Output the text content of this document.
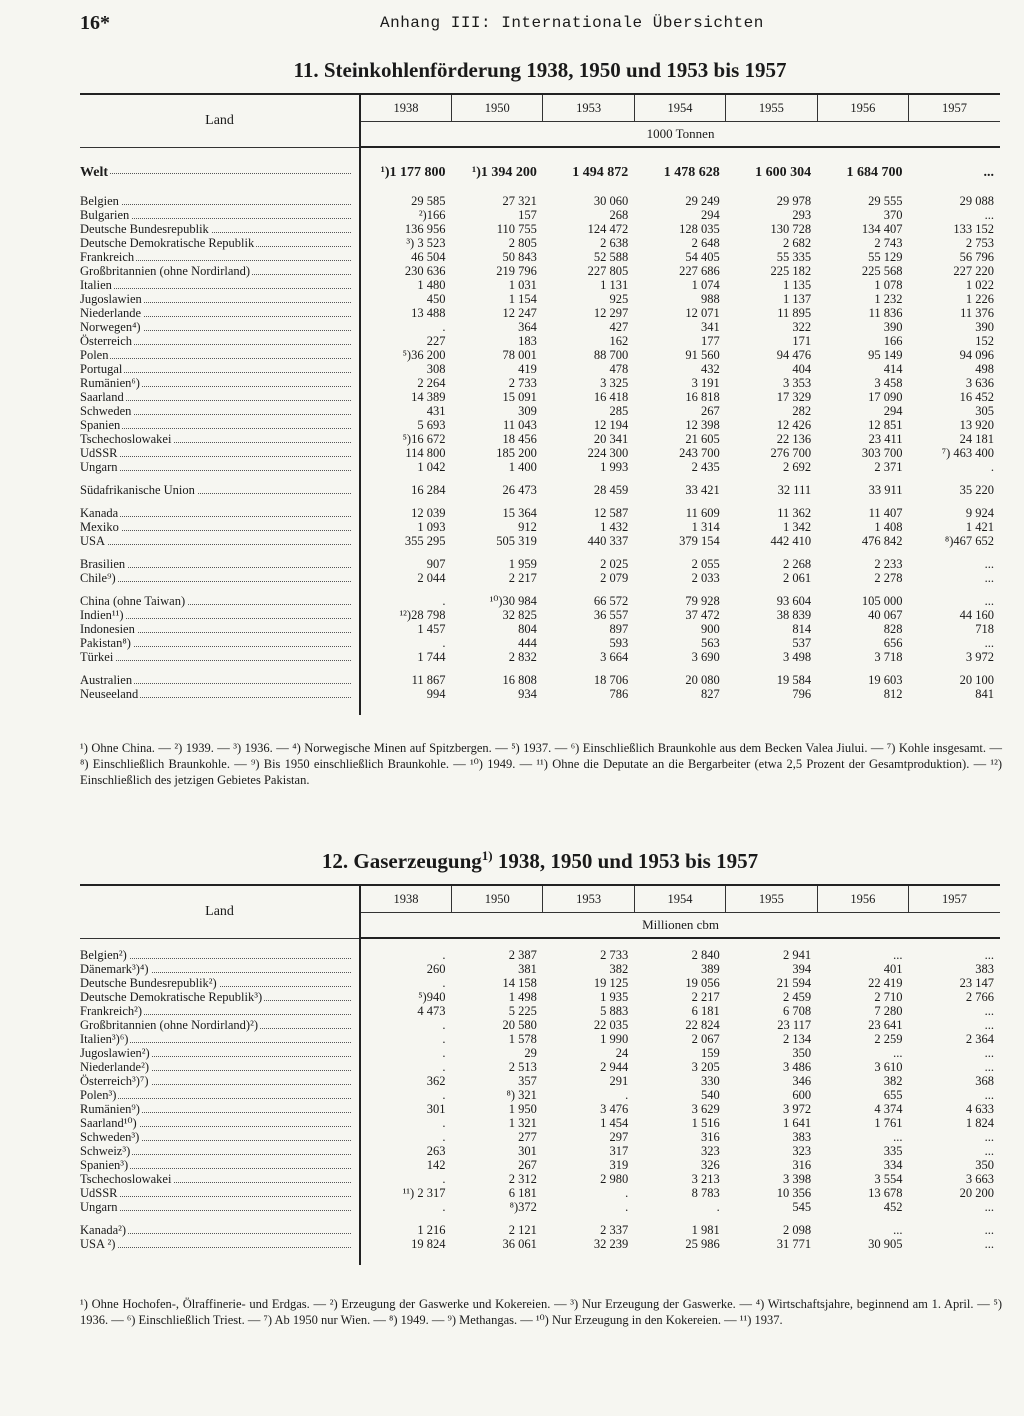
16*	Anhang III: Internationale Übersichten
11. Steinkohlenförderung 1938, 1950 und 1953 bis 1957
Land	1938	1950	1953	1954	1955	1956	1957
	1000 Tonnen						

Welt	¹)1 177 800	¹)1 394 200	1 494 872	1 478 628	1 600 304	1 684 700	...

Belgien	29 585	27 321	30 060	29 249	29 978	29 555	29 088
Bulgarien	²)166	157	268	294	293	370	...
Deutsche Bundesrepublik	136 956	110 755	124 472	128 035	130 728	134 407	133 152
Deutsche Demokratische Republik	³) 3 523	2 805	2 638	2 648	2 682	2 743	2 753
Frankreich	46 504	50 843	52 588	54 405	55 335	55 129	56 796
Großbritannien (ohne Nordirland)	230 636	219 796	227 805	227 686	225 182	225 568	227 220
Italien	1 480	1 031	1 131	1 074	1 135	1 078	1 022
Jugoslawien	450	1 154	925	988	1 137	1 232	1 226
Niederlande	13 488	12 247	12 297	12 071	11 895	11 836	11 376
Norwegen⁴)	.	364	427	341	322	390	390
Österreich	227	183	162	177	171	166	152
Polen	⁵)36 200	78 001	88 700	91 560	94 476	95 149	94 096
Portugal	308	419	478	432	404	414	498
Rumänien⁶)	2 264	2 733	3 325	3 191	3 353	3 458	3 636
Saarland	14 389	15 091	16 418	16 818	17 329	17 090	16 452
Schweden	431	309	285	267	282	294	305
Spanien	5 693	11 043	12 194	12 398	12 426	12 851	13 920
Tschechoslowakei	⁵)16 672	18 456	20 341	21 605	22 136	23 411	24 181
UdSSR	114 800	185 200	224 300	243 700	276 700	303 700	⁷) 463 400
Ungarn	1 042	1 400	1 993	2 435	2 692	2 371	.

Südafrikanische Union	16 284	26 473	28 459	33 421	32 111	33 911	35 220

Kanada	12 039	15 364	12 587	11 609	11 362	11 407	9 924
Mexiko	1 093	912	1 432	1 314	1 342	1 408	1 421
USA	355 295	505 319	440 337	379 154	442 410	476 842	⁸)467 652

Brasilien	907	1 959	2 025	2 055	2 268	2 233	...
Chile⁹)	2 044	2 217	2 079	2 033	2 061	2 278	...

China (ohne Taiwan)	.	¹⁰)30 984	66 572	79 928	93 604	105 000	...
Indien¹¹)	¹²)28 798	32 825	36 557	37 472	38 839	40 067	44 160
Indonesien	1 457	804	897	900	814	828	718
Pakistan⁸)	.	444	593	563	537	656	...
Türkei	1 744	2 832	3 664	3 690	3 498	3 718	3 972

Australien	11 867	16 808	18 706	20 080	19 584	19 603	20 100
Neuseeland	994	934	786	827	796	812	841

¹) Ohne China. — ²) 1939. — ³) 1936. — ⁴) Norwegische Minen auf Spitzbergen. — ⁵) 1937. — ⁶) Einschließlich Braunkohle aus dem Becken Valea Jiului. — ⁷) Kohle insgesamt. — ⁸) Einschließlich Braunkohle. — ⁹) Bis 1950 einschließlich Braunkohle. — ¹⁰) 1949. — ¹¹) Ohne die Deputate an die Bergarbeiter (etwa 2,5 Prozent der Gesamtproduktion). — ¹²) Einschließlich des jetzigen Gebietes Pakistan.

12. Gaserzeugung$^{1)}$ 1938, 1950 und 1953 bis 1957
Land	1938	1950	1953	1954	1955	1956	1957
	Millionen cbm						

Belgien²)	.	2 387	2 733	2 840	2 941	...	...
Dänemark³)⁴)	260	381	382	389	394	401	383
Deutsche Bundesrepublik²)	.	14 158	19 125	19 056	21 594	22 419	23 147
Deutsche Demokratische Republik³)	⁵)940	1 498	1 935	2 217	2 459	2 710	2 766
Frankreich²)	4 473	5 225	5 883	6 181	6 708	7 280	...
Großbritannien (ohne Nordirland)²)	.	20 580	22 035	22 824	23 117	23 641	...
Italien³)⁶)	.	1 578	1 990	2 067	2 134	2 259	2 364
Jugoslawien²)	.	29	24	159	350	...	...
Niederlande²)	.	2 513	2 944	3 205	3 486	3 610	...
Österreich³)⁷)	362	357	291	330	346	382	368
Polen³)	.	⁸) 321	.	540	600	655	...
Rumänien⁹)	301	1 950	3 476	3 629	3 972	4 374	4 633
Saarland¹⁰)	.	1 321	1 454	1 516	1 641	1 761	1 824
Schweden³)	.	277	297	316	383	...	...
Schweiz³)	263	301	317	323	323	335	...
Spanien³)	142	267	319	326	316	334	350
Tschechoslowakei	.	2 312	2 980	3 213	3 398	3 554	3 663
UdSSR	¹¹) 2 317	6 181	.	8 783	10 356	13 678	20 200
Ungarn	.	⁸)372	.	.	545	452	...

Kanada²)	1 216	2 121	2 337	1 981	2 098	...	...
USA ²)	19 824	36 061	32 239	25 986	31 771	30 905	...

¹) Ohne Hochofen-, Ölraffinerie- und Erdgas. — ²) Erzeugung der Gaswerke und Kokereien. — ³) Nur Erzeugung der Gaswerke. — ⁴) Wirtschaftsjahre, beginnend am 1. April. — ⁵) 1936. — ⁶) Einschließlich Triest. — ⁷) Ab 1950 nur Wien. — ⁸) 1949. — ⁹) Methangas. — ¹⁰) Nur Erzeugung in den Kokereien. — ¹¹) 1937.
